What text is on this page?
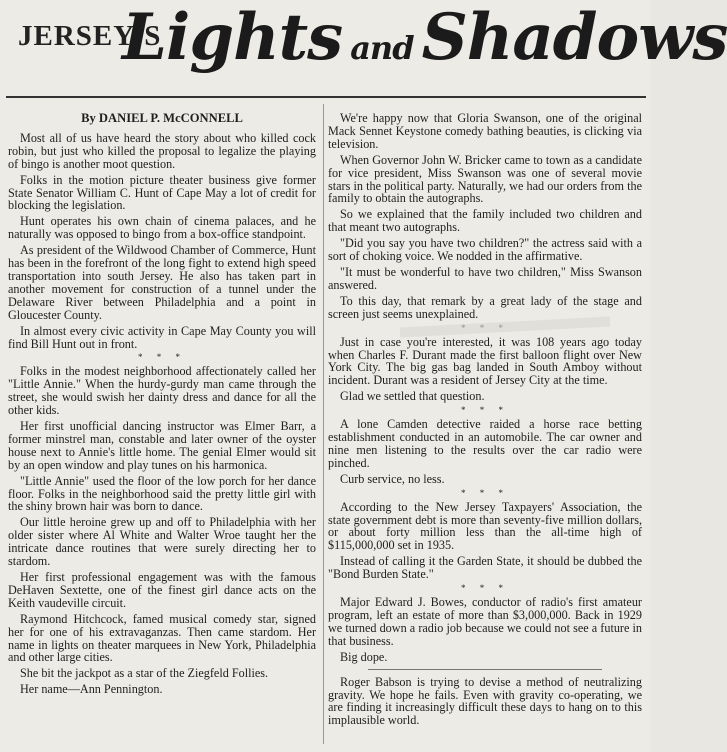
JERSEY'S
Lights and Shadows

By DANIEL P. McCONNELL

Most all of us have heard the story about who killed cock robin, but just who killed the proposal to legalize the playing of bingo is another moot question.

Folks in the motion picture theater business give former State Senator William C. Hunt of Cape May a lot of credit for blocking the legislation.

Hunt operates his own chain of cinema palaces, and he naturally was opposed to bingo from a box-office standpoint.

As president of the Wildwood Chamber of Commerce, Hunt has been in the forefront of the long fight to extend high speed transportation into south Jersey. He also has taken part in another movement for construction of a tunnel under the Delaware River between Philadelphia and a point in Gloucester County.

In almost every civic activity in Cape May County you will find Bill Hunt out in front.

* * *

Folks in the modest neighborhood affectionately called her "Little Annie." When the hurdy-gurdy man came through the street, she would swish her dainty dress and dance for all the other kids.

Her first unofficial dancing instructor was Elmer Barr, a former minstrel man, constable and later owner of the oyster house next to Annie's little home. The genial Elmer would sit by an open window and play tunes on his harmonica.

"Little Annie" used the floor of the low porch for her dance floor. Folks in the neighborhood said the pretty little girl with the shiny brown hair was born to dance.

Our little heroine grew up and off to Philadelphia with her older sister where Al White and Walter Wroe taught her the intricate dance routines that were surely directing her to stardom.

Her first professional engagement was with the famous DeHaven Sextette, one of the finest girl dance acts on the Keith vaudeville circuit.

Raymond Hitchcock, famed musical comedy star, signed her for one of his extravaganzas. Then came stardom. Her name in lights on theater marquees in New York, Philadelphia and other large cities.

She bit the jackpot as a star of the Ziegfeld Follies.

Her name—Ann Pennington.

We're happy now that Gloria Swanson, one of the original Mack Sennet Keystone comedy bathing beauties, is clicking via television.

When Governor John W. Bricker came to town as a candidate for vice president, Miss Swanson was one of several movie stars in the political party. Naturally, we had our orders from the family to obtain the autographs.

So we explained that the family included two children and that meant two autographs.

"Did you say you have two children?" the actress said with a sort of choking voice. We nodded in the affirmative.

"It must be wonderful to have two children," Miss Swanson answered.

To this day, that remark by a great lady of the stage and screen just seems unexplained.

Just in case you're interested, it was 108 years ago today when Charles F. Durant made the first balloon flight over New York City. The big gas bag landed in South Amboy without incident. Durant was a resident of Jersey City at the time.

Glad we settled that question.

* * *

A lone Camden detective raided a horse race betting establishment conducted in an automobile. The car owner and nine men listening to the results over the car radio were pinched.

Curb service, no less.

* * *

According to the New Jersey Taxpayers' Association, the state government debt is more than seventy-five million dollars, or about forty million less than the all-time high of $115,000,000 set in 1935.

Instead of calling it the Garden State, it should be dubbed the "Bond Burden State."

* * *

Major Edward J. Bowes, conductor of radio's first amateur program, left an estate of more than $3,000,000. Back in 1929 we turned down a radio job because we could not see a future in that business.

Big dope.

Roger Babson is trying to devise a method of neutralizing gravity. We hope he fails. Even with gravity co-operating, we are finding it increasingly difficult these days to hang on to this implausible world.
